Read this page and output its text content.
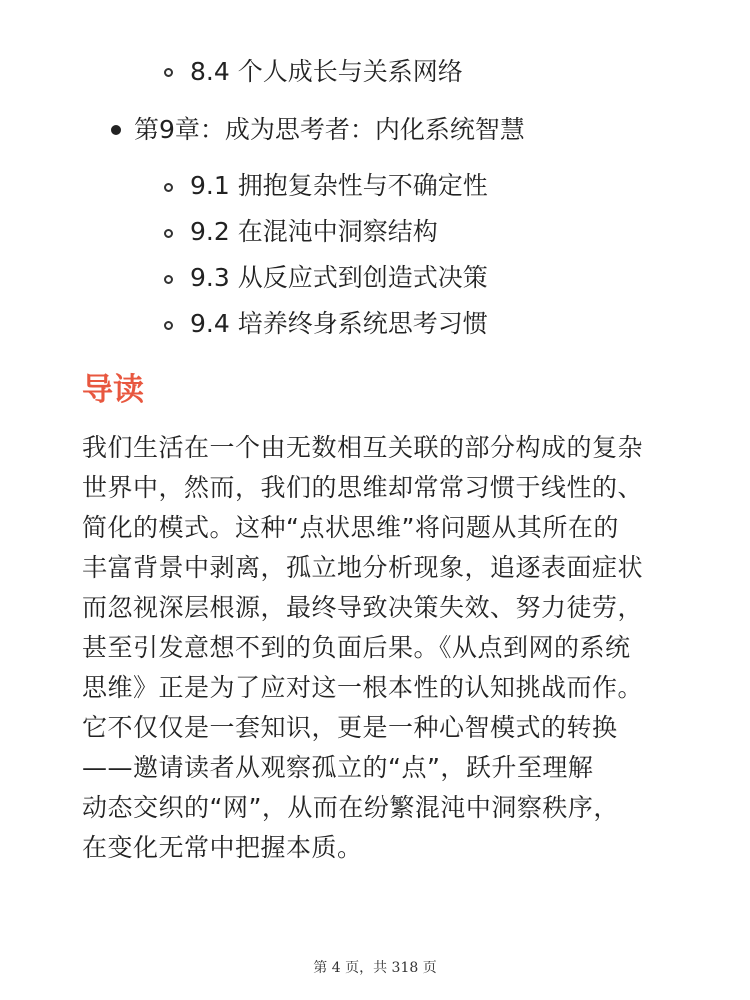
8.4 个人成长与关系网络
第9章：成为思考者：内化系统智慧
9.1 拥抱复杂性与不确定性
9.2 在混沌中洞察结构
9.3 从反应式到创造式决策
9.4 培养终身系统思考习惯
导读
我们生活在一个由无数相互关联的部分构成的复杂
世界中，然而，我们的思维却常常习惯于线性的、
简化的模式。这种“点状思维”将问题从其所在的
丰富背景中剥离，孤立地分析现象，追逐表面症状
而忽视深层根源，最终导致决策失效、努力徒劳，
甚至引发意想不到的负面后果。《从点到网的系统
思维》正是为了应对这一根本性的认知挑战而作。
它不仅仅是一套知识，更是一种心智模式的转换
——邀请读者从观察孤立的“点”，跃升至理解
动态交织的“网”，从而在纷繁混沌中洞察秩序，
在变化无常中把握本质。
第 4 页，共 318 页
